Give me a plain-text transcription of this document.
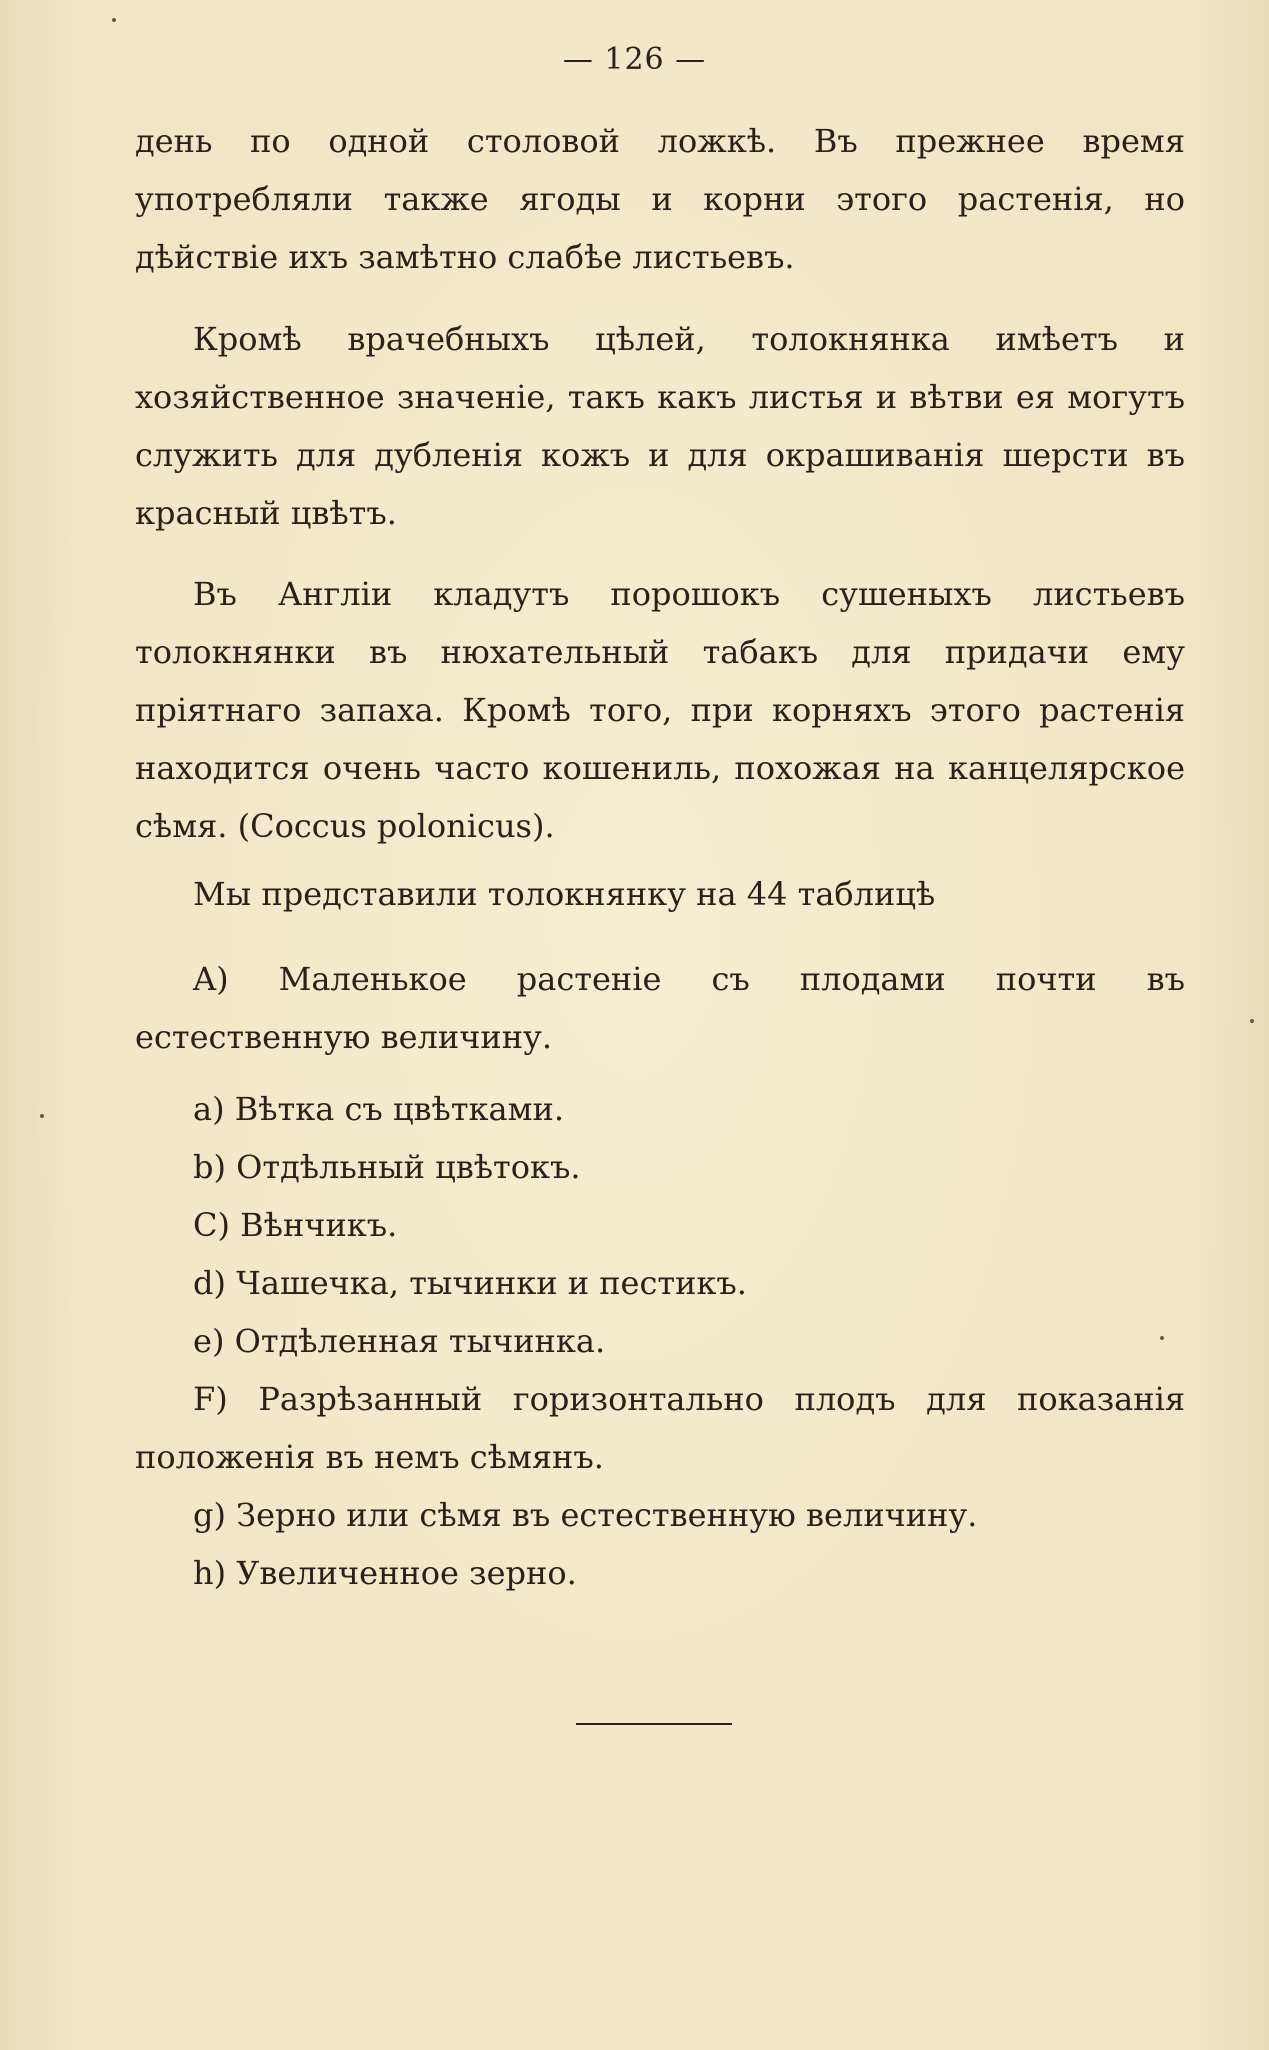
— 126 —

день по одной столовой ложкѣ. Въ прежнее время употребляли также ягоды и корни этого растенія, но дѣйствіе ихъ замѣтно слабѣе листьевъ.

Кромѣ врачебныхъ цѣлей, толокнянка имѣетъ и хозяйственное значеніе, такъ какъ листья и вѣтви ея могутъ служить для дубленія кожъ и для окрашиванія шерсти въ красный цвѣтъ.

Въ Англіи кладутъ порошокъ сушеныхъ листьевъ толокнянки въ нюхательный табакъ для придачи ему пріятнаго запаха. Кромѣ того, при корняхъ этого растенія находится очень часто кошениль, похожая на канцелярское сѣмя. (Coccus polonicus).

Мы представили толокнянку на 44 таблицѣ

A) Маленькое растеніе съ плодами почти въ естественную величину.

a) Вѣтка съ цвѣтками.
b) Отдѣльный цвѣтокъ.
C) Вѣнчикъ.
d) Чашечка, тычинки и пестикъ.
e) Отдѣленная тычинка.
F) Разрѣзанный горизонтально плодъ для показанія положенія въ немъ сѣмянъ.
g) Зерно или сѣмя въ естественную величину.
h) Увеличенное зерно.
